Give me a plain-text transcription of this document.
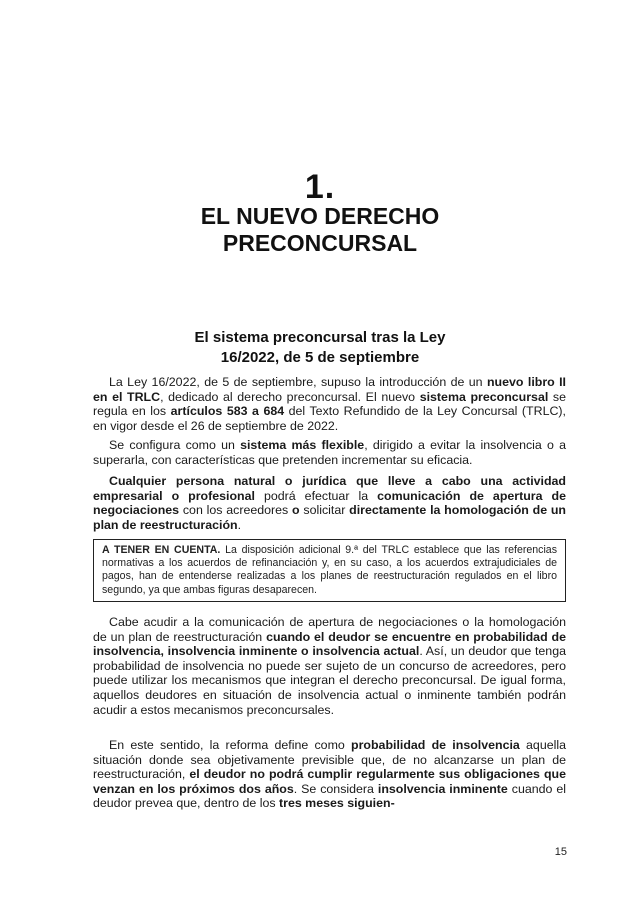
1.
EL NUEVO DERECHO
PRECONCURSAL
El sistema preconcursal tras la Ley
16/2022, de 5 de septiembre

La Ley 16/2022, de 5 de septiembre, supuso la introducción de un nuevo libro II en el TRLC, dedicado al derecho preconcursal. El nuevo sistema preconcursal se regula en los artículos 583 a 684 del Texto Refundido de la Ley Concursal (TRLC), en vigor desde el 26 de septiembre de 2022.

Se configura como un sistema más flexible, dirigido a evitar la insolvencia o a superarla, con características que pretenden incrementar su eficacia.

Cualquier persona natural o jurídica que lleve a cabo una actividad empresarial o profesional podrá efectuar la comunicación de apertura de negociaciones con los acreedores o solicitar directamente la homologación de un plan de reestructuración.

A TENER EN CUENTA. La disposición adicional 9.ª del TRLC establece que las referencias normativas a los acuerdos de refinanciación y, en su caso, a los acuerdos extrajudiciales de pagos, han de entenderse realizadas a los planes de reestructuración regulados en el libro segundo, ya que ambas figuras desaparecen.

Cabe acudir a la comunicación de apertura de negociaciones o la homologación de un plan de reestructuración cuando el deudor se encuentre en probabilidad de insolvencia, insolvencia inminente o insolvencia actual. Así, un deudor que tenga probabilidad de insolvencia no puede ser sujeto de un concurso de acreedores, pero puede utilizar los mecanismos que integran el derecho preconcursal. De igual forma, aquellos deudores en situación de insolvencia actual o inminente también podrán acudir a estos mecanismos preconcursales.

En este sentido, la reforma define como probabilidad de insolvencia aquella situación donde sea objetivamente previsible que, de no alcanzarse un plan de reestructuración, el deudor no podrá cumplir regularmente sus obligaciones que venzan en los próximos dos años. Se considera insolvencia inminente cuando el deudor prevea que, dentro de los tres meses siguien-

15
